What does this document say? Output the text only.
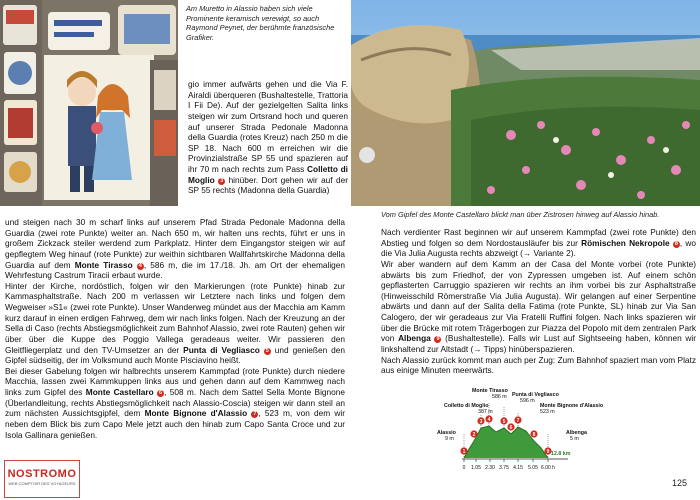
Am Muretto in Alassio haben sich viele Prominente keramisch verewigt, so auch Raymond Peynet, der berühmte französische Grafiker.
Vom Gipfel des Monte Castellaro blickt man über Zistrosen hinweg auf Alassio hinab.

gio immer aufwärts gehen und die Via F. Airaldi überqueren (Bushaltestelle, Trattoria I Fii De). Auf der gezielgelten Salita links steigen wir zum Ortsrand hoch und queren auf unserer Strada Pedonale Madonna della Guardia (rotes Kreuz) nach 250 m die SP 18. Nach 600 m erreichen wir die Provinzialstraße SP 55 und spazieren auf ihr 70 m nach rechts zum Pass Colletto di Moglio 3 hinüber. Dort gehen wir auf der SP 55 rechts (Madonna della Guardia)

und steigen nach 30 m scharf links auf unserem Pfad Strada Pedonale Madonna della Guardia (zwei rote Punkte) weiter an. Nach 650 m, wir halten uns rechts, führt er uns in großem Zickzack steiler werdend zum Parkplatz. Hinter dem Eingangstor steigen wir auf gepflegtem Weg hinauf (rote Punkte) zur weithin sichtbaren Wallfahrtskirche Madonna della Guardia auf dem Monte Tirasso 4 , 586 m, die im 17./18. Jh. am Ort der ehemaligen Wehrfestung Castrum Tiracii erbaut wurde.

Hinter der Kirche, nordöstlich, folgen wir den Markierungen (rote Punkte) hinab zur Kammasphaltstraße. Nach 200 m verlassen wir Letztere nach links und folgen dem Wegweiser »S1« (zwei rote Punkte). Unser Wanderweg mündet aus der Macchia am Kamm kurz darauf in einen erdigen Fahrweg, dem wir nach links folgen. Nach der Kreuzung an der Sella di Caso (rechts Abstiegsmöglichkeit zum Bahnhof Alassio, zwei rote Rauten) gehen wir über über die Kuppe des Poggio Vallega geradeaus weiter. Wir passieren den Gleitfliegerplatz und den TV-Umsetzer an der Punta di Vegliasco 5 und genießen den Gipfel südseitig, der im Volksmund auch Monte Pisciavino heißt.

Bei dieser Gabelung folgen wir halbrechts unserem Kammpfad (rote Punkte) durch niedere Macchia, lassen zwei Kammkuppen links aus und gehen dann auf dem Kammweg nach links zum Gipfel des Monte Castellaro 6 , 508 m. Nach dem Sattel Sella Monte Bignone (Überlandleitung, rechts Abstiegsmöglichkeit nach Alassio-Coscia) steigen wir dann steil an zum nächsten Aussichtsgipfel, dem Monte Bignone d'Alassio 7 , 523 m, von dem wir neben dem Blick bis zum Capo Mele jetzt auch den hinab zum Capo Santa Croce und zur Isola Gallinara genießen.

Nach verdienter Rast beginnen wir auf unserem Kammpfad (zwei rote Punkte) den Abstieg und folgen so dem Nordostausläufer bis zur Römischen Nekropole 8 , wo die Via Julia Augusta rechts abzweigt (→ Variante 2).

Wir aber wandern auf dem Kamm an der Casa del Monte vorbei (rote Punkte) abwärts bis zum Friedhof, der von Zypressen umgeben ist. Auf einem schön gepflasterten Carruggio spazieren wir rechts an ihm vorbei bis zur Asphaltstraße (Hinweisschild Römerstraße Via Julia Augusta). Wir gelangen auf einer Serpentine abwärts und dann auf der Salita della Fatima (rote Punkte, SL) hinab zur Via San Calogero, der wir geradeaus zur Via Fratelli Ruffini folgen. Nach links spazieren wir über die Brücke mit rotem Trägerbogen zur Piazza del Popolo mit dem zentralen Park von Albenga 9 (Bushaltestelle). Falls wir Lust auf Sightseeing haben, können wir linkshaltend zur Altstadt (→ Tipps) hinüberspazieren.

Nach Alassio zurück kommt man auch per Zug: Zum Bahnhof spaziert man vom Platz aus einige Minuten meerwärts.

1
2
3 4 5
6
7
8
9
0 1.05 2.30 3.75 4.15 5.05 6.00 h
Monte Tirasso
586 m Punta di Vegliasco
596 m
Colletto di Moglio
387 m
Monte Bignone d'Alassio
523 m
Alassio
9 m
Albenga
5 m
12.8 km
125
NOSTROMO
WEB COMPTOIR DES VOYAGEURS
